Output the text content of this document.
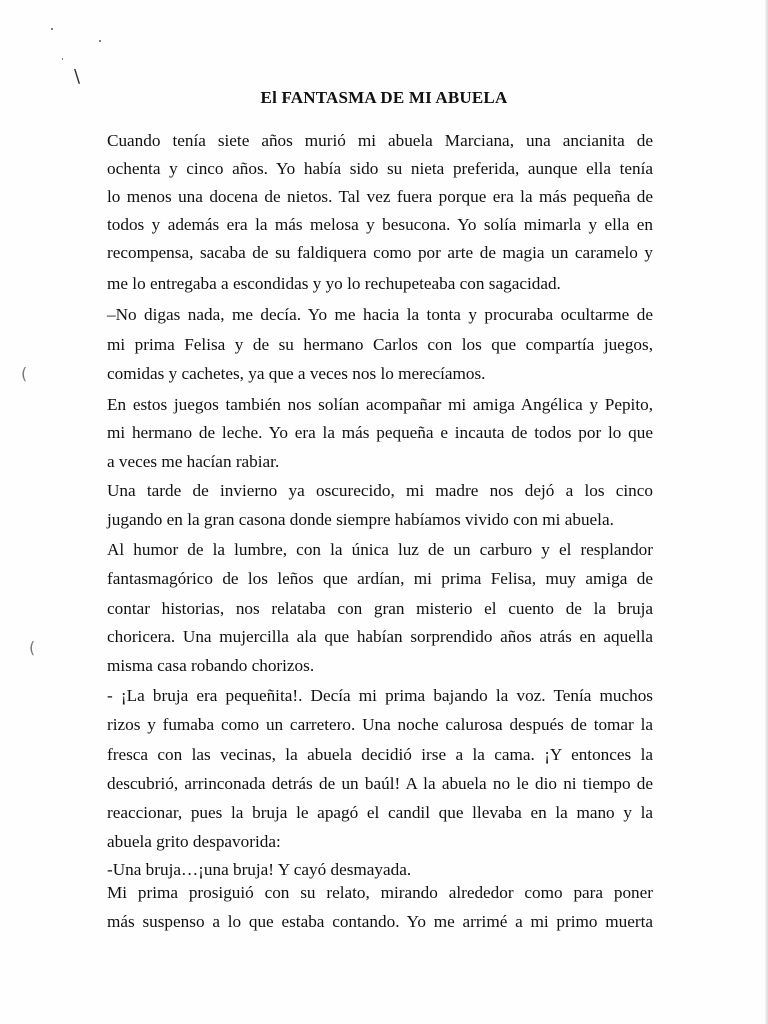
\
(
(
El FANTASMA DE MI ABUELA
Cuando tenía siete años murió mi abuela Marciana, una ancianita de
ochenta y cinco años. Yo había sido su nieta preferida, aunque ella tenía
lo menos una docena de nietos. Tal vez fuera porque era la más pequeña de
todos y además era la más melosa y besucona. Yo solía mimarla y ella en
recompensa, sacaba de su faldiquera como por arte de magia un caramelo y
me lo entregaba a escondidas y yo lo rechupeteaba con sagacidad.
–No digas nada, me decía. Yo me hacia la tonta y procuraba ocultarme de
mi prima Felisa y de su hermano Carlos con los que compartía juegos,
comidas y cachetes, ya que a veces nos lo merecíamos.
En estos juegos también nos solían acompañar mi amiga Angélica y Pepito,
mi hermano de leche. Yo era la más pequeña e incauta de todos por lo que
a veces me hacían rabiar.
Una tarde de invierno ya oscurecido, mi madre nos dejó a los cinco
jugando en la gran casona donde siempre habíamos vivido con mi abuela.
Al humor de la lumbre, con la única luz de un carburo y el resplandor
fantasmagórico de los leños que ardían, mi prima Felisa, muy amiga de
contar historias, nos relataba con gran misterio el cuento de la bruja
choricera. Una mujercilla ala que habían sorprendido años atrás en aquella
misma casa robando chorizos.
- ¡La bruja era pequeñita!. Decía mi prima bajando la voz. Tenía muchos
rizos y fumaba como un carretero. Una noche calurosa después de tomar la
fresca con las vecinas, la abuela decidió irse a la cama. ¡Y entonces la
descubrió, arrinconada detrás de un baúl! A la abuela no le dio ni tiempo de
reaccionar, pues la bruja le apagó el candil que llevaba en la mano y la
abuela grito despavorida:
-Una bruja…¡una bruja! Y cayó desmayada.
Mi prima prosiguió con su relato, mirando alrededor como para poner
más suspenso a lo que estaba contando. Yo me arrimé a mi primo muerta
